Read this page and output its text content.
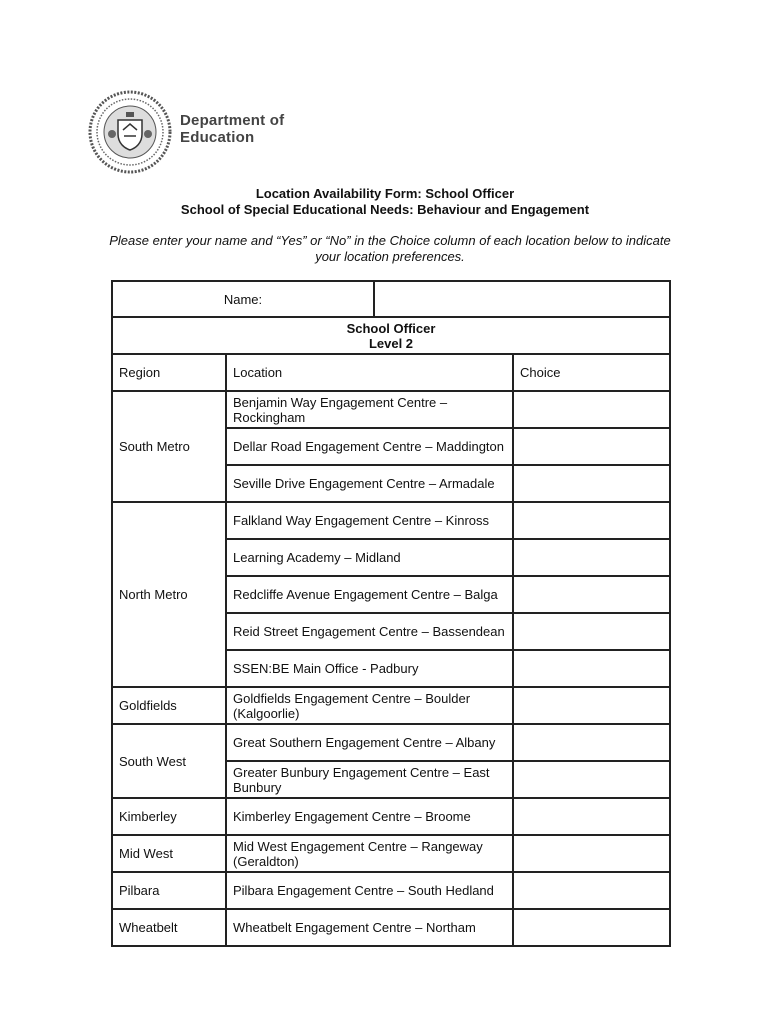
Department of
Education
Location Availability Form: School Officer
School of Special Educational Needs: Behaviour and Engagement
Please enter your name and “Yes” or “No” in the Choice column of each location below to indicate your location preferences.
Name:			

School Officer
Level 2			

Region	Location		Choice
South Metro	Benjamin Way Engagement Centre – Rockingham		
	Dellar Road Engagement Centre – Maddington		
	Seville Drive Engagement Centre – Armadale		
North Metro	Falkland Way Engagement Centre – Kinross		
	Learning Academy – Midland		
	Redcliffe Avenue Engagement Centre – Balga		
	Reid Street Engagement Centre – Bassendean		
	SSEN:BE Main Office - Padbury		
Goldfields	Goldfields Engagement Centre – Boulder (Kalgoorlie)		
South West	Great Southern Engagement Centre – Albany		
	Greater Bunbury Engagement Centre – East Bunbury		
Kimberley	Kimberley Engagement Centre – Broome		
Mid West	Mid West Engagement Centre – Rangeway (Geraldton)		
Pilbara	Pilbara Engagement Centre – South Hedland		
Wheatbelt	Wheatbelt Engagement Centre – Northam		
